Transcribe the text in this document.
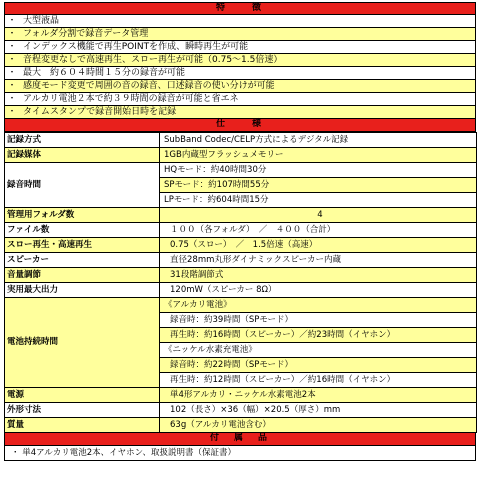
特　　徴
・ 大型液晶
・ フォルダ分割で録音データ管理
・ インデックス機能で再生POINTを作成、瞬時再生が可能
・ 音程変更なしで高速再生、スロー再生が可能（0.75～1.5倍速）
・ 最大　約６０４時間１５分の録音が可能
・ 感度モード変更で周囲の音の録音、口述録音の使い分けが可能
・ アルカリ電池２本で約３９時間の録音が可能と省エネ
・ タイムスタンプで録音開始日時を記録
仕　　様
記録方式	SubBand Codec/CELP方式によるデジタル記録
記録媒体	1GB内蔵型フラッシュメモリー
録音時間	HQモード：約40時間30分
	SPモード：約107時間55分
	LPモード：約604時間15分
管理用フォルダ数	4
ファイル数	１００（各フォルダ）　／　４００（合計）
スロー再生・高速再生	0.75（スロー）　／　1.5倍速（高速）
スピーカー	直径28mm丸形ダイナミックスピーカー内蔵
音量調節	31段階調節式
実用最大出力	120mW（スピーカー 8Ω）
電池持続時間	《アルカリ電池》
	録音時：約39時間（SPモード）
	再生時：約16時間（スピーカー）／約23時間（イヤホン）
	《ニッケル水素充電池》
	録音時：約22時間（SPモード）
	再生時：約12時間（スピーカー）／約16時間（イヤホン）
電源	単4形アルカリ・ニッケル水素電池2本
外形寸法	102（長さ）×36（幅）×20.5（厚さ）mm
質量	63g（アルカリ電池含む）
付　属　品
・ 単4アルカリ電池2本、イヤホン、取扱説明書（保証書）
